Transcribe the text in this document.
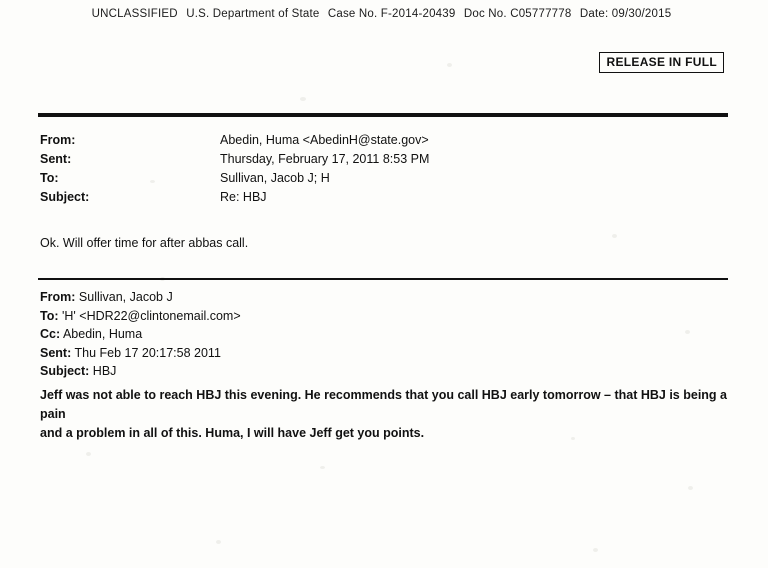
UNCLASSIFIED U.S. Department of State Case No. F-2014-20439 Doc No. C05777778 Date: 09/30/2015
RELEASE IN FULL
From:	Abedin, Huma <AbedinH@state.gov>
Sent:	Thursday, February 17, 2011 8:53 PM
To:	Sullivan, Jacob J; H
Subject:	Re: HBJ
Ok. Will offer time for after abbas call.
From: Sullivan, Jacob J
To: 'H' <HDR22@clintonemail.com>
Cc: Abedin, Huma
Sent: Thu Feb 17 20:17:58 2011
Subject: HBJ
Jeff was not able to reach HBJ this evening. He recommends that you call HBJ early tomorrow – that HBJ is being a pain
and a problem in all of this. Huma, I will have Jeff get you points.
